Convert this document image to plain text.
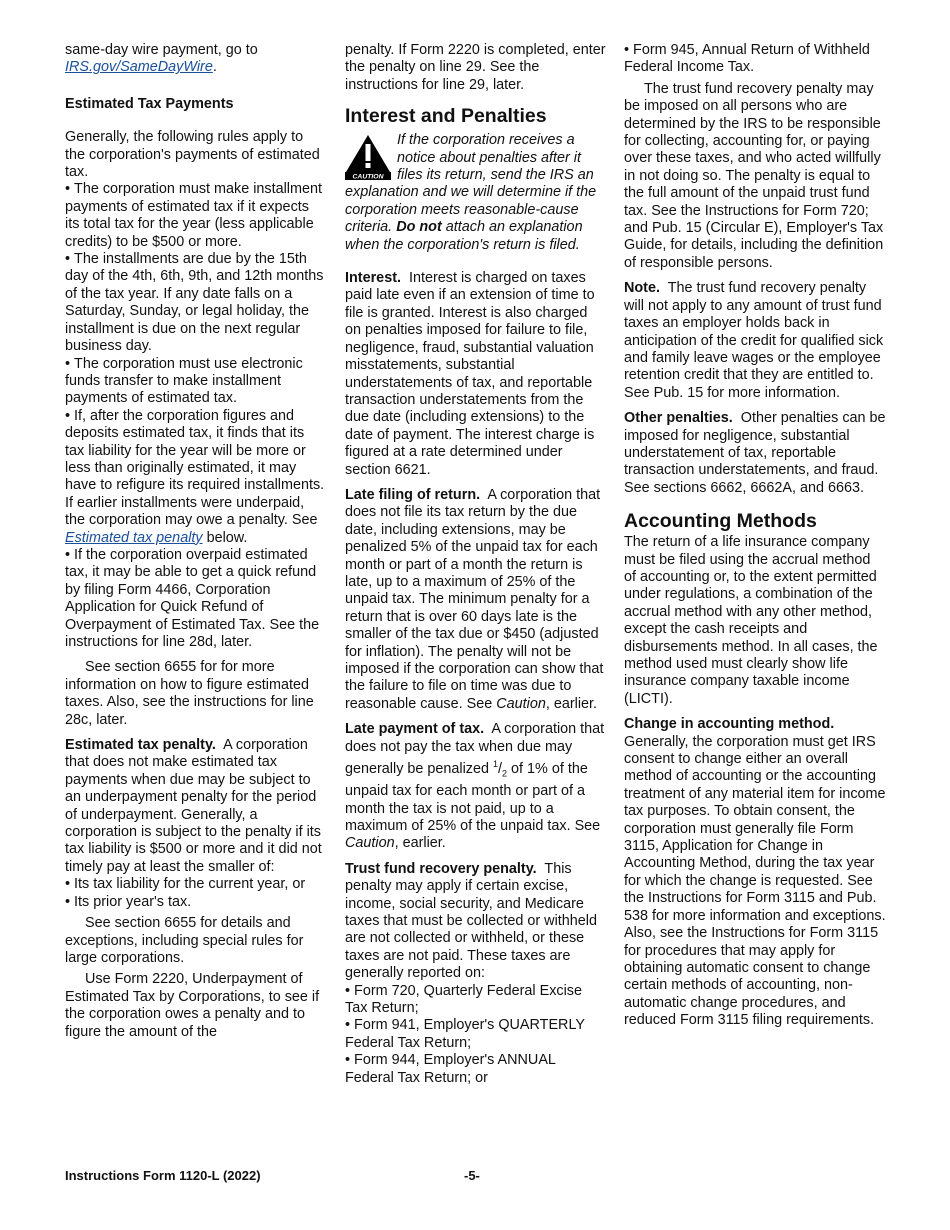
same-day wire payment, go to
IRS.gov/SameDayWire.

Estimated Tax Payments

Generally, the following rules apply to the corporation's payments of estimated tax.

• The corporation must make installment payments of estimated tax if it expects its total tax for the year (less applicable credits) to be $500 or more.

• The installments are due by the 15th day of the 4th, 6th, 9th, and 12th months of the tax year. If any date falls on a Saturday, Sunday, or legal holiday, the installment is due on the next regular business day.

• The corporation must use electronic funds transfer to make installment payments of estimated tax.

• If, after the corporation figures and deposits estimated tax, it finds that its tax liability for the year will be more or less than originally estimated, it may have to refigure its required installments. If earlier installments were underpaid, the corporation may owe a penalty. See Estimated tax penalty below.

• If the corporation overpaid estimated tax, it may be able to get a quick refund by filing Form 4466, Corporation Application for Quick Refund of Overpayment of Estimated Tax. See the instructions for line 28d, later.

See section 6655 for for more information on how to figure estimated taxes. Also, see the instructions for line 28c, later.

Estimated tax penalty. A corporation that does not make estimated tax payments when due may be subject to an underpayment penalty for the period of underpayment. Generally, a corporation is subject to the penalty if its tax liability is $500 or more and it did not timely pay at least the smaller of:

• Its tax liability for the current year, or

• Its prior year's tax.

See section 6655 for details and exceptions, including special rules for large corporations.

Use Form 2220, Underpayment of Estimated Tax by Corporations, to see if the corporation owes a penalty and to figure the amount of the

penalty. If Form 2220 is completed, enter the penalty on line 29. See the instructions for line 29, later.

Interest and Penalties

CAUTION
If the corporation receives a notice about penalties after it files its return, send the IRS an explanation and we will determine if the corporation meets reasonable-cause criteria. Do not attach an explanation when the corporation's return is filed.

Interest. Interest is charged on taxes paid late even if an extension of time to file is granted. Interest is also charged on penalties imposed for failure to file, negligence, fraud, substantial valuation misstatements, substantial understatements of tax, and reportable transaction understatements from the due date (including extensions) to the date of payment. The interest charge is figured at a rate determined under section 6621.

Late filing of return. A corporation that does not file its tax return by the due date, including extensions, may be penalized 5% of the unpaid tax for each month or part of a month the return is late, up to a maximum of 25% of the unpaid tax. The minimum penalty for a return that is over 60 days late is the smaller of the tax due or $450 (adjusted for inflation). The penalty will not be imposed if the corporation can show that the failure to file on time was due to reasonable cause. See Caution, earlier.

Late payment of tax. A corporation that does not pay the tax when due may generally be penalized $^1/_2$ of 1% of the unpaid tax for each month or part of a month the tax is not paid, up to a maximum of 25% of the unpaid tax. See Caution, earlier.

Trust fund recovery penalty. This penalty may apply if certain excise, income, social security, and Medicare taxes that must be collected or withheld are not collected or withheld, or these taxes are not paid. These taxes are generally reported on:

• Form 720, Quarterly Federal Excise Tax Return;

• Form 941, Employer's QUARTERLY Federal Tax Return;

• Form 944, Employer's ANNUAL Federal Tax Return; or

• Form 945, Annual Return of Withheld Federal Income Tax.

The trust fund recovery penalty may be imposed on all persons who are determined by the IRS to be responsible for collecting, accounting for, or paying over these taxes, and who acted willfully in not doing so. The penalty is equal to the full amount of the unpaid trust fund tax. See the Instructions for Form 720; and Pub. 15 (Circular E), Employer's Tax Guide, for details, including the definition of responsible persons.

Note. The trust fund recovery penalty will not apply to any amount of trust fund taxes an employer holds back in anticipation of the credit for qualified sick and family leave wages or the employee retention credit that they are entitled to. See Pub. 15 for more information.

Other penalties. Other penalties can be imposed for negligence, substantial understatement of tax, reportable transaction understatements, and fraud. See sections 6662, 6662A, and 6663.

Accounting Methods

The return of a life insurance company must be filed using the accrual method of accounting or, to the extent permitted under regulations, a combination of the accrual method with any other method, except the cash receipts and disbursements method. In all cases, the method used must clearly show life insurance company taxable income (LICTI).

Change in accounting method.
Generally, the corporation must get IRS consent to change either an overall method of accounting or the accounting treatment of any material item for income tax purposes. To obtain consent, the corporation must generally file Form 3115, Application for Change in Accounting Method, during the tax year for which the change is requested. See the Instructions for Form 3115 and Pub. 538 for more information and exceptions. Also, see the Instructions for Form 3115 for procedures that may apply for obtaining automatic consent to change certain methods of accounting, non-automatic change procedures, and reduced Form 3115 filing requirements.

Instructions Form 1120-L (2022)	-5-
